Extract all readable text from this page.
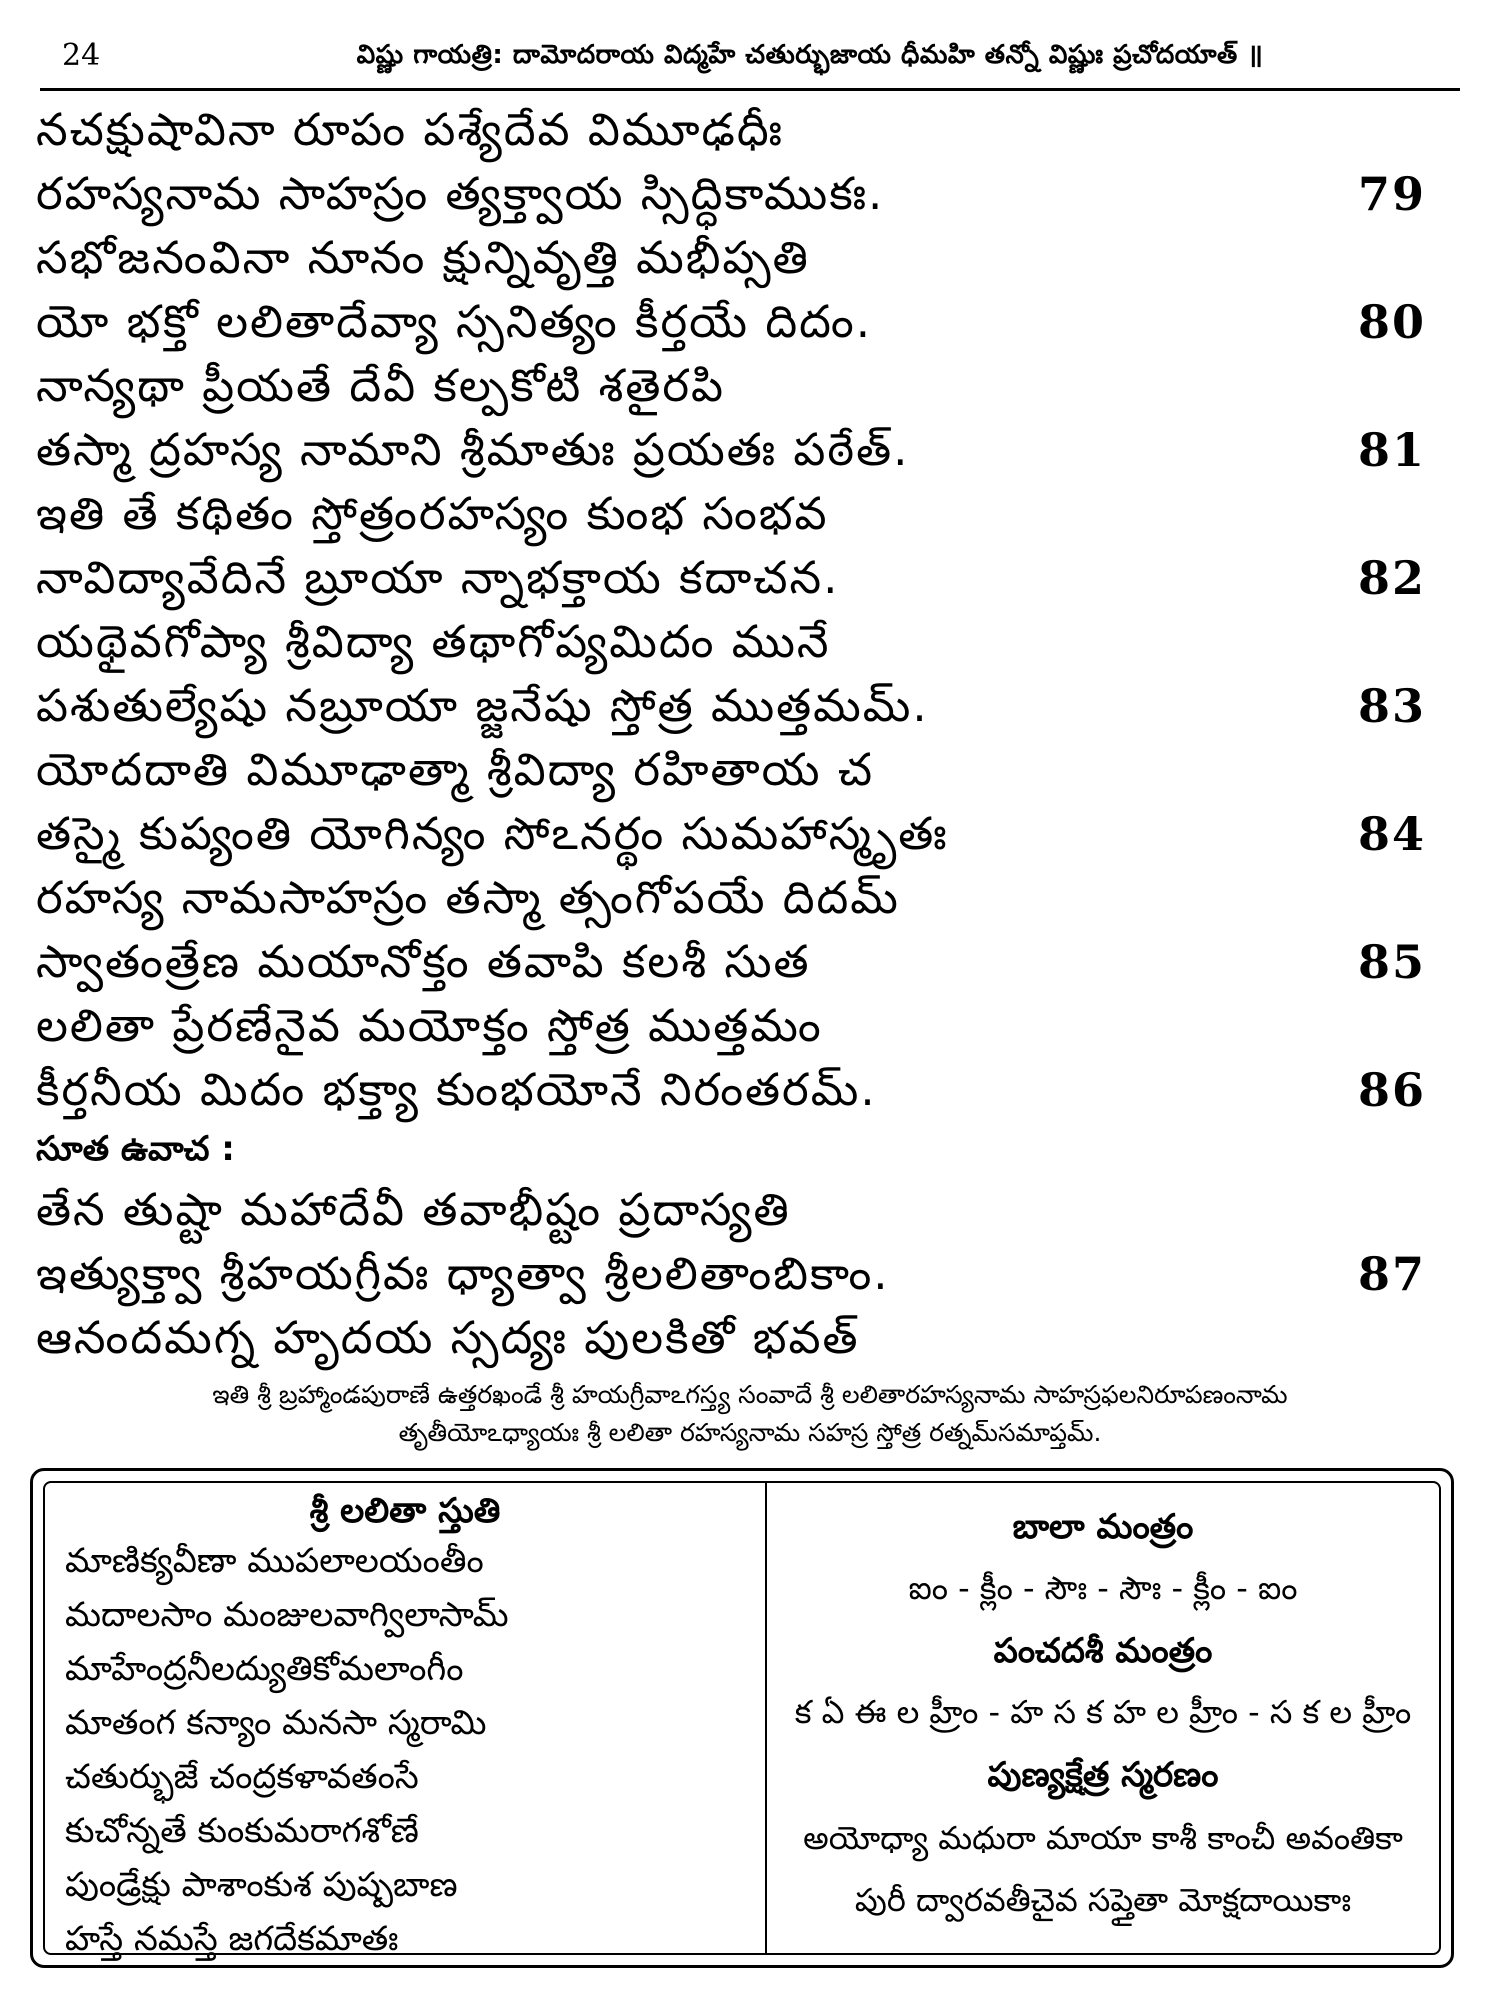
24	విష్ణు గాయత్రి: దామోదరాయ విద్మహే చతుర్భుజాయ ధీమహి తన్నో విష్ణుః ప్రచోదయాత్ ॥
నచక్షుషావినా రూపం పశ్యేదేవ విమూఢధీః
రహస్యనామ సాహస్రం త్యక్త్వాయ స్సిద్ధికాముకః.	79
సభోజనంవినా నూనం క్షున్నివృత్తి మభీప్సతి
యో భక్తో లలితాదేవ్యా స్సనిత్యం కీర్తయే దిదం.	80
నాన్యథా ప్రీయతే దేవీ కల్పకోటి శతైరపి
తస్మా ద్రహస్య నామాని శ్రీమాతుః ప్రయతః పఠేత్.	81
ఇతి తే కథితం స్తోత్రంరహస్యం కుంభ సంభవ
నావిద్యావేదినే బ్రూయా న్నాభక్తాయ కదాచన.	82
యథైవగోప్యా శ్రీవిద్యా తథాగోప్యమిదం మునే
పశుతుల్యేషు నబ్రూయా జ్జనేషు స్తోత్ర ముత్తమమ్.	83
యోదదాతి విమూఢాత్మా శ్రీవిద్యా రహితాయ చ
తస్మై కుప్యంతి యోగిన్యం సోఽనర్థం సుమహాస్మృతః	84
రహస్య నామసాహస్రం తస్మా త్సంగోపయే దిదమ్
స్వాతంత్రేణ మయానోక్తం తవాపి కలశీ సుత	85
లలితా ప్రేరణేనైవ మయోక్తం స్తోత్ర ముత్తమం
కీర్తనీయ మిదం భక్త్యా కుంభయోనే నిరంతరమ్.	86
సూత ఉవాచ :
తేన తుష్టా మహాదేవీ తవాభీష్టం ప్రదాస్యతి
ఇత్యుక్త్వా శ్రీహయగ్రీవః ధ్యాత్వా శ్రీలలితాంబికాం.	87
ఆనందమగ్న హృదయ స్సద్యః పులకితో భవత్
ఇతి శ్రీ బ్రహ్మాండపురాణే ఉత్తరఖండే శ్రీ హయగ్రీవాఽగస్త్య సంవాదే శ్రీ లలితారహస్యనామ సాహస్రఫలనిరూపణంనామ
తృతీయోఽధ్యాయః శ్రీ లలితా రహస్యనామ సహస్ర స్తోత్ర రత్నమ్‌సమాప్తమ్.
శ్రీ లలితా స్తుతి
మాణిక్యవీణా ముపలాలయంతీం
మదాలసాం మంజులవాగ్విలాసామ్
మాహేంద్రనీలద్యుతికోమలాంగీం
మాతంగ కన్యాం మనసా స్మరామి
చతుర్భుజే చంద్రకళావతంసే
కుచోన్నతే కుంకుమరాగశోణే
పుండ్రేక్షు పాశాంకుశ పుష్పబాణ
హస్తే నమస్తే జగదేకమాతః
బాలా మంత్రం
ఐం - క్లీం - సౌః - సౌః - క్లీం - ఐం
పంచదశీ మంత్రం
క ఏ ఈ ల హ్రీం - హ స క హ ల హ్రీం - స క ల హ్రీం
పుణ్యక్షేత్ర స్మరణం
అయోధ్యా మధురా మాయా కాశీ కాంచీ అవంతికా
పురీ ద్వారవతీచైవ సప్తైతా మోక్షదాయికాః
